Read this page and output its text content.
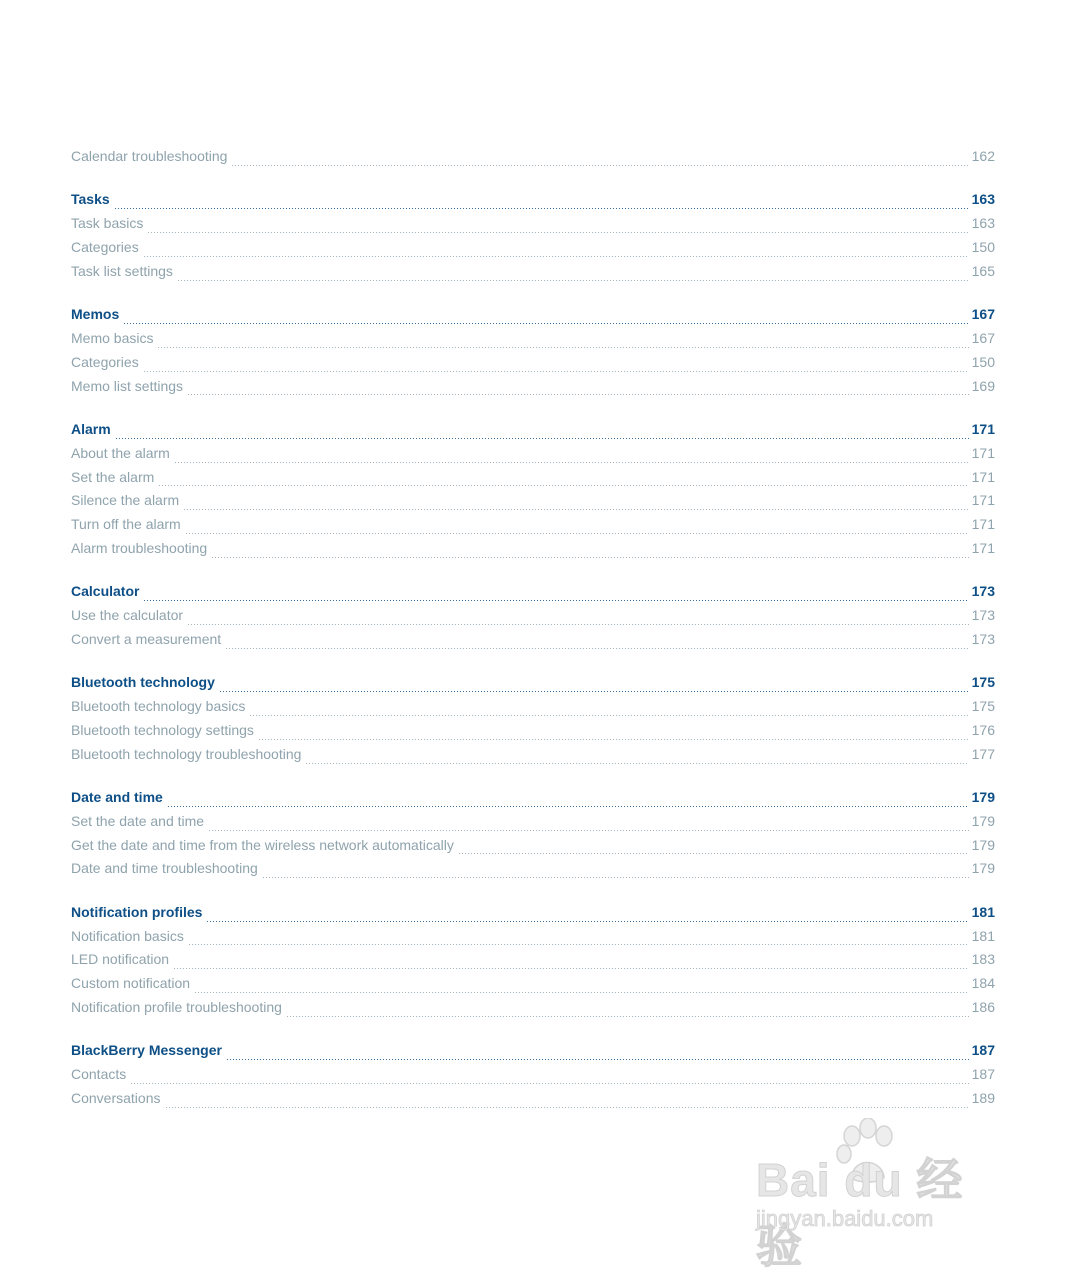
Calendar troubleshooting	162
Tasks	163
Task basics	163
Categories	150
Task list settings	165
Memos	167
Memo basics	167
Categories	150
Memo list settings	169
Alarm	171
About the alarm	171
Set the alarm	171
Silence the alarm	171
Turn off the alarm	171
Alarm troubleshooting	171
Calculator	173
Use the calculator	173
Convert a measurement	173
Bluetooth technology	175
Bluetooth technology basics	175
Bluetooth technology settings	176
Bluetooth technology troubleshooting	177
Date and time	179
Set the date and time	179
Get the date and time from the wireless network automatically	179
Date and time troubleshooting	179
Notification profiles	181
Notification basics	181
LED notification	183
Custom notification	184
Notification profile troubleshooting	186
BlackBerry Messenger	187
Contacts	187
Conversations	189
Bai du 经验
jingyan.baidu.com
